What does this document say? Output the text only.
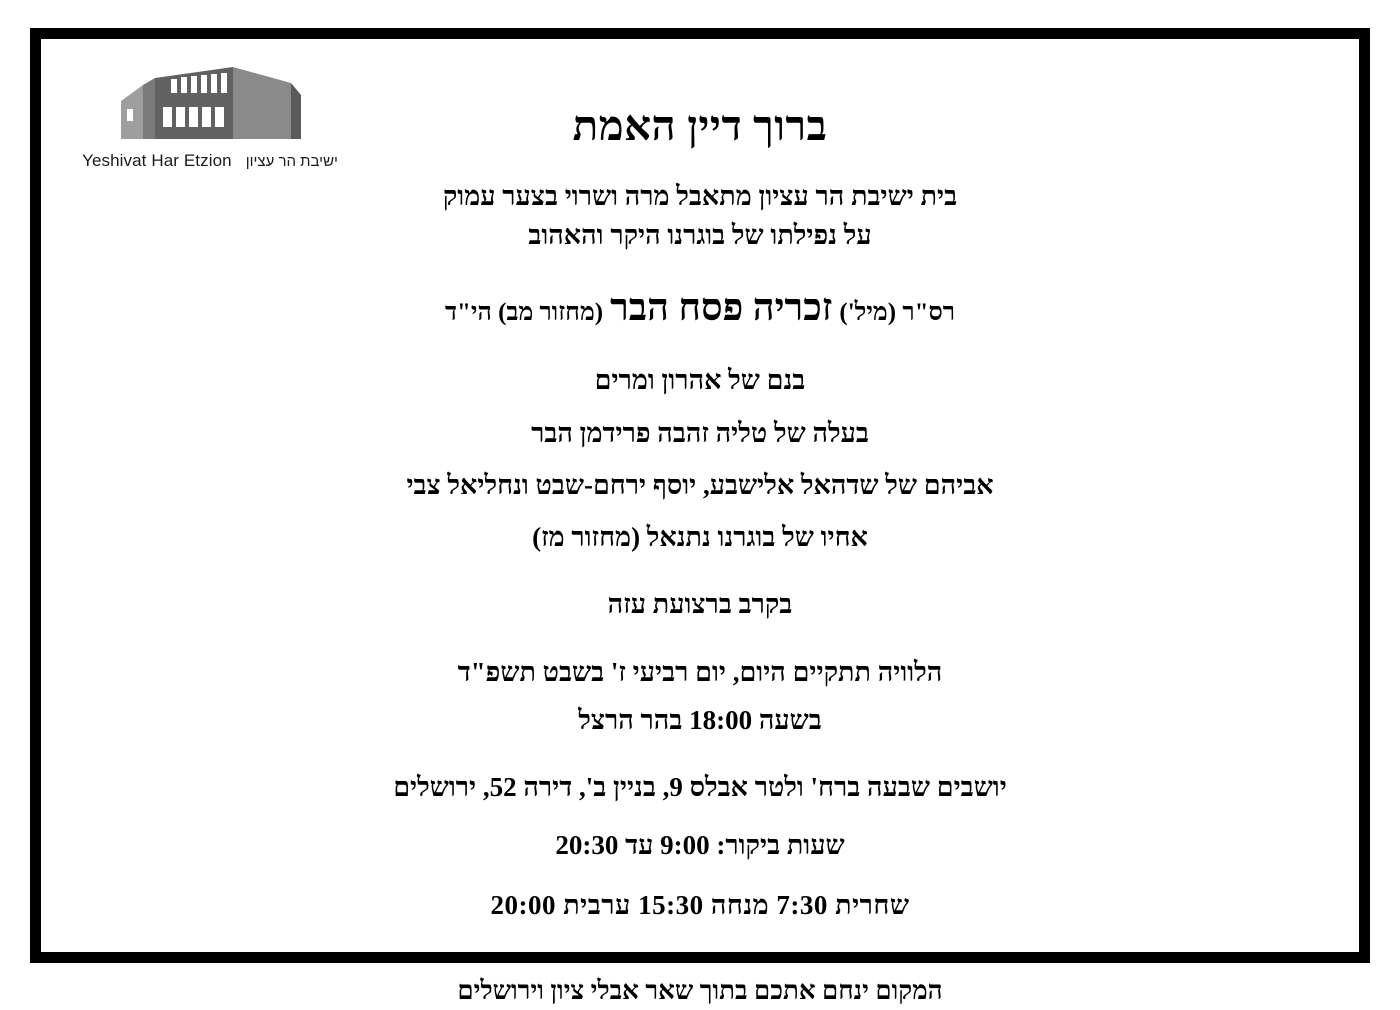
Yeshivat Har Etzion ישיבת הר עציון
ברוך דיין האמת

בית ישיבת הר עציון מתאבל מרה ושרוי בצער עמוק

על נפילתו של בוגרנו היקר והאהוב

רס"ר (מיל') זכריה פסח הבר (מחזור מב) הי"ד

בנם של אהרון ומרים

בעלה של טליה זהבה פרידמן הבר

אביהם של שדהאל אלישבע, יוסף ירחם-שבט ונחליאל צבי

אחיו של בוגרנו נתנאל (מחזור מז)

בקרב ברצועת עזה

הלוויה תתקיים היום, יום רביעי ז' בשבט תשפ"ד
בשעה 18:00 בהר הרצל

יושבים שבעה ברח' ולטר אבלס 9, בניין ב', דירה 52, ירושלים

שעות ביקור: 9:00 עד 20:30

שחרית 7:30 מנחה 15:30 ערבית 20:00

המקום ינחם אתכם בתוך שאר אבלי ציון וירושלים
